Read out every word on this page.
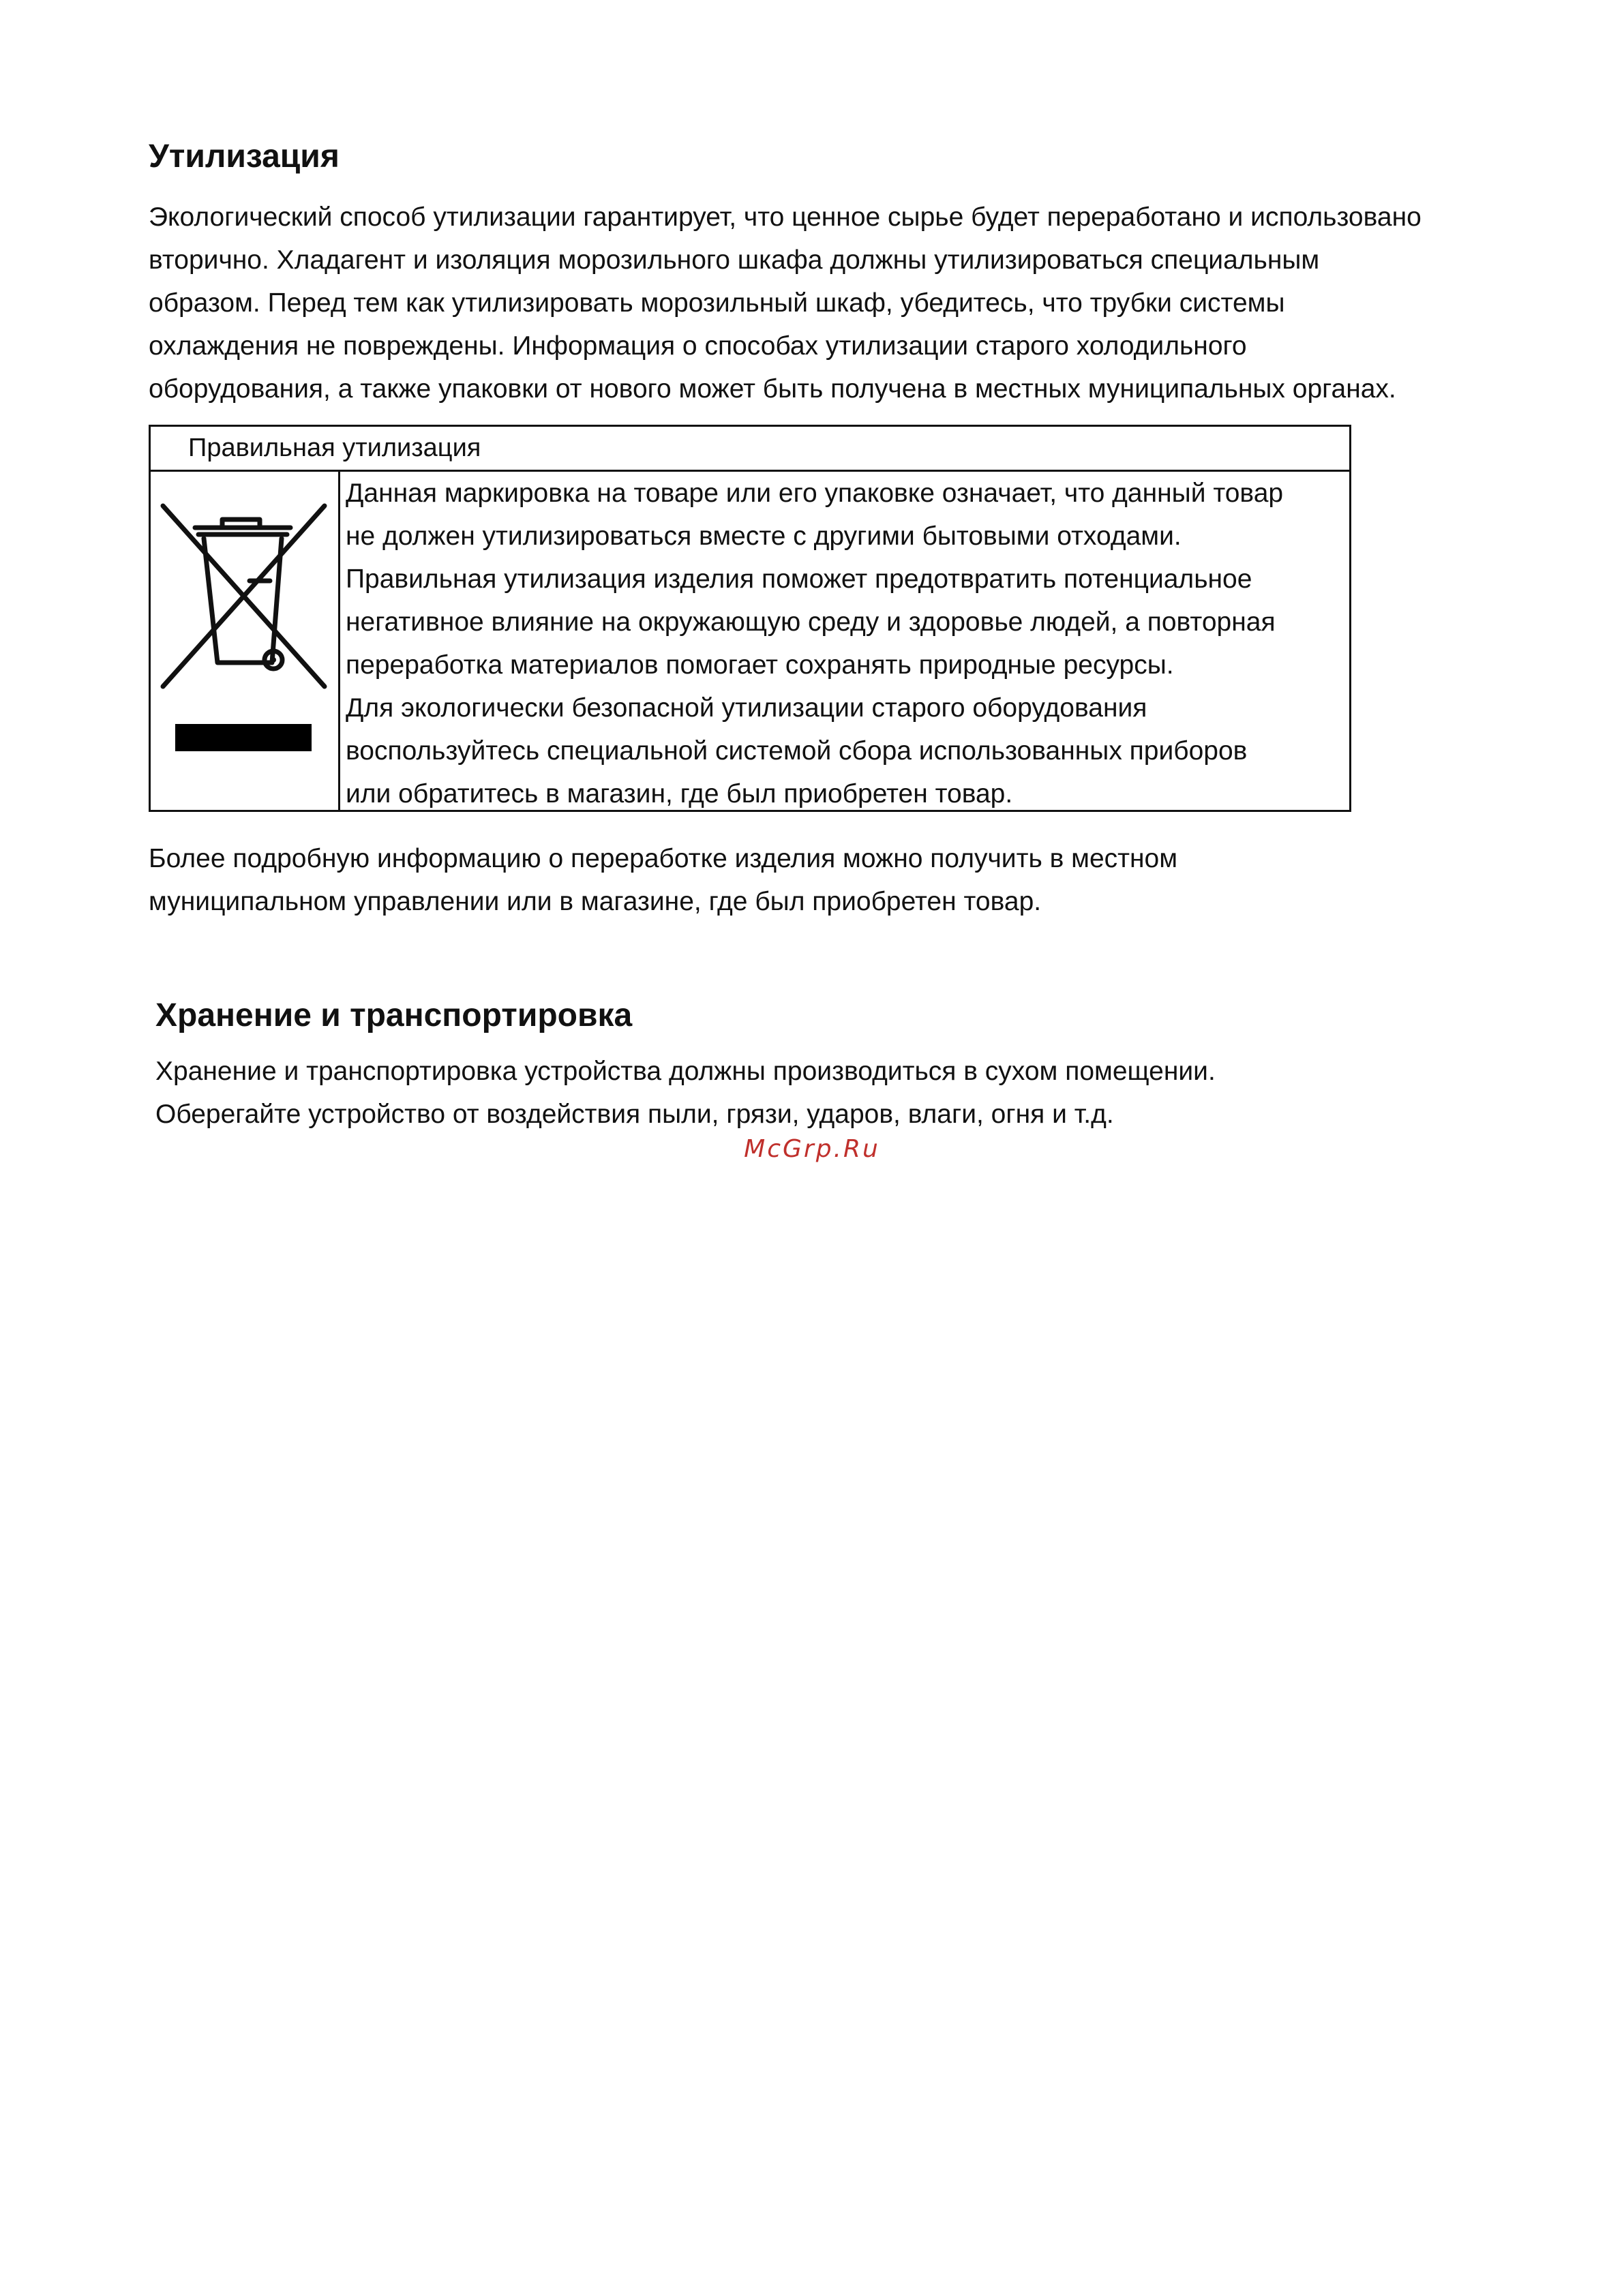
Утилизация
Экологический способ утилизации гарантирует, что ценное сырье будет переработано и использовано
вторично. Хладагент и изоляция морозильного шкафа должны утилизироваться специальным
образом. Перед тем как утилизировать морозильный шкаф, убедитесь, что трубки системы
охлаждения не повреждены. Информация о способах утилизации старого холодильного
оборудования, а также упаковки от нового может быть получена в местных муниципальных органах.
Правильная утилизация
Данная маркировка на товаре или его упаковке означает, что данный товар
не должен утилизироваться вместе с другими бытовыми отходами.
Правильная утилизация изделия поможет предотвратить потенциальное
негативное влияние на окружающую среду и здоровье людей, а повторная
переработка материалов помогает сохранять природные ресурсы.
Для экологически безопасной утилизации старого оборудования
воспользуйтесь специальной системой сбора использованных приборов
или обратитесь в магазин, где был приобретен товар.
Более подробную информацию о переработке изделия можно получить в местном
муниципальном управлении или в магазине, где был приобретен товар.
Хранение и транспортировка
Хранение и транспортировка устройства должны производиться в сухом помещении.
Оберегайте устройство от воздействия пыли, грязи, ударов, влаги, огня и т.д.
McGrp.Ru
